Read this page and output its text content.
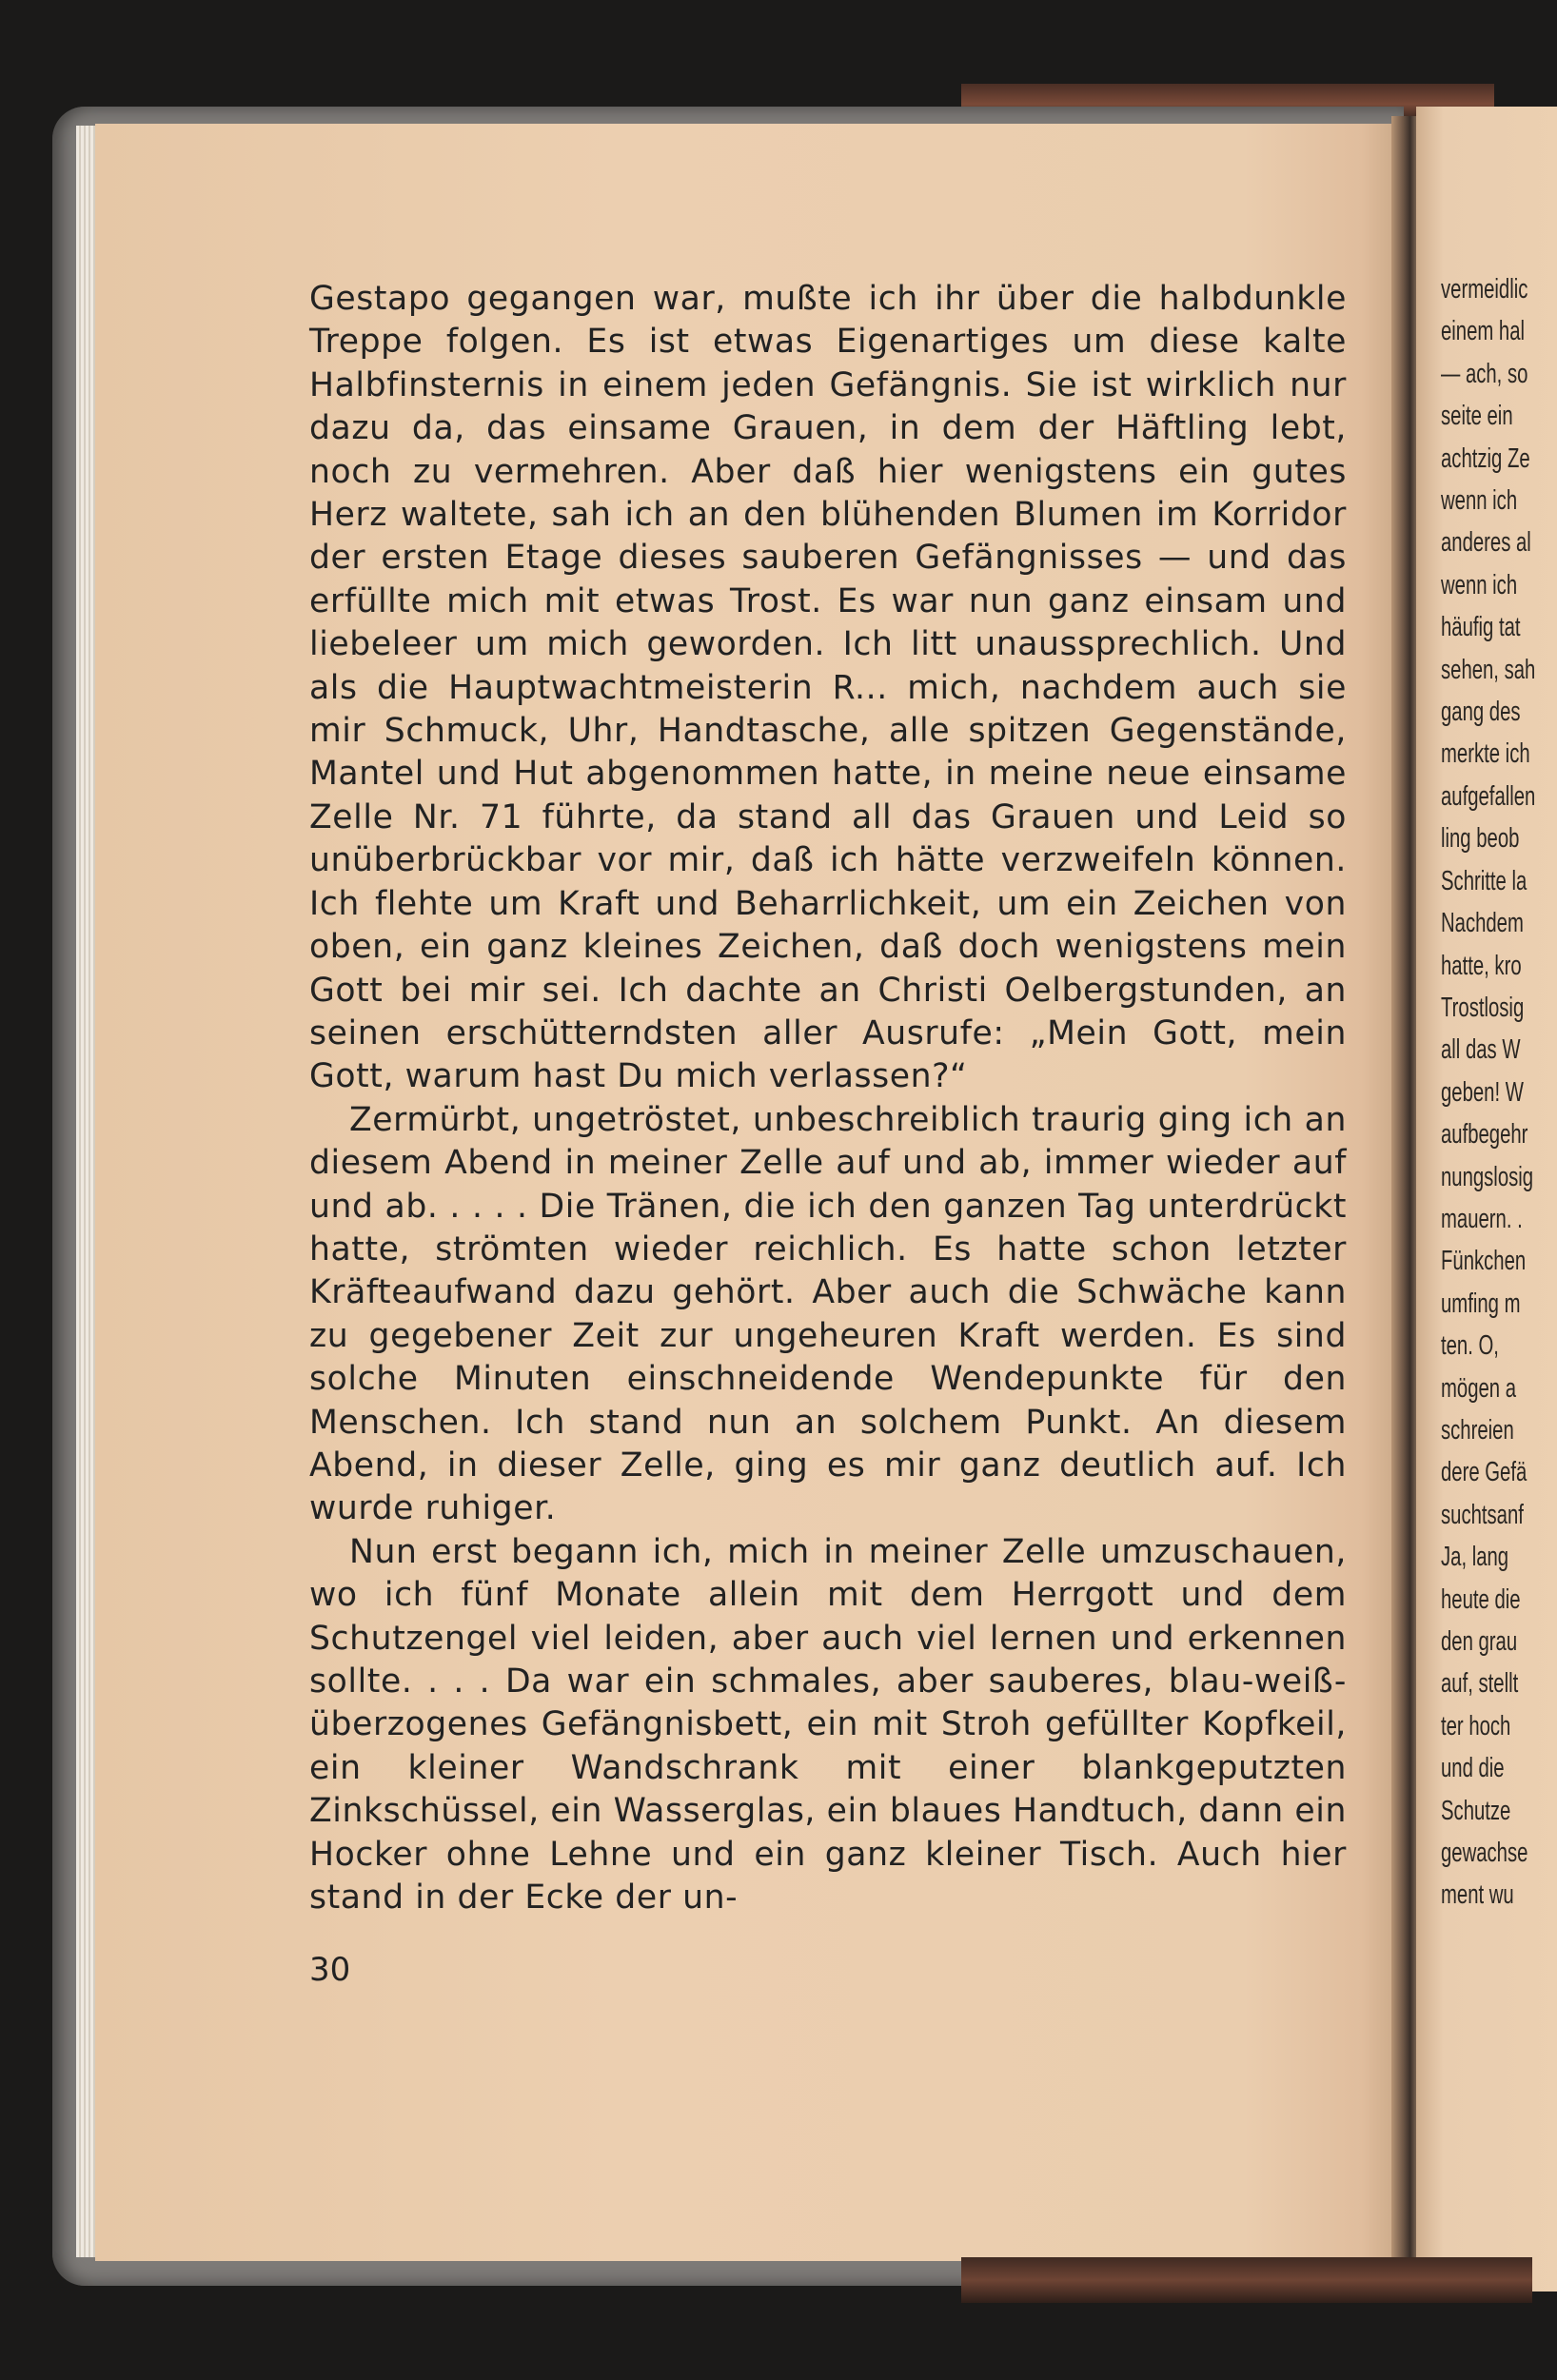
Gestapo gegangen war, mußte ich ihr über die halbdunkle Treppe folgen. Es ist etwas Eigenartiges um diese kalte Halbfinsternis in einem jeden Gefängnis. Sie ist wirklich nur dazu da, das einsame Grauen, in dem der Häftling lebt, noch zu vermehren. Aber daß hier wenigstens ein gutes Herz waltete, sah ich an den blühenden Blumen im Korridor der ersten Etage dieses sauberen Gefängnisses — und das erfüllte mich mit etwas Trost. Es war nun ganz einsam und liebeleer um mich geworden. Ich litt unaussprechlich. Und als die Hauptwachtmeisterin R... mich, nachdem auch sie mir Schmuck, Uhr, Handtasche, alle spitzen Gegenstände, Mantel und Hut abgenommen hatte, in meine neue einsame Zelle Nr. 71 führte, da stand all das Grauen und Leid so unüberbrückbar vor mir, daß ich hätte verzweifeln können. Ich flehte um Kraft und Beharrlichkeit, um ein Zeichen von oben, ein ganz kleines Zeichen, daß doch wenigstens mein Gott bei mir sei. Ich dachte an Christi Oelbergstunden, an seinen erschütterndsten aller Ausrufe: „Mein Gott, mein Gott, warum hast Du mich verlassen?“

Zermürbt, ungetröstet, unbeschreiblich traurig ging ich an diesem Abend in meiner Zelle auf und ab, immer wieder auf und ab. . . . . Die Tränen, die ich den ganzen Tag unterdrückt hatte, strömten wieder reichlich. Es hatte schon letzter Kräfteaufwand dazu gehört. Aber auch die Schwäche kann zu gegebener Zeit zur ungeheuren Kraft werden. Es sind solche Minuten einschneidende Wendepunkte für den Menschen. Ich stand nun an solchem Punkt. An diesem Abend, in dieser Zelle, ging es mir ganz deutlich auf. Ich wurde ruhiger.

Nun erst begann ich, mich in meiner Zelle umzuschauen, wo ich fünf Monate allein mit dem Herrgott und dem Schutzengel viel leiden, aber auch viel lernen und erkennen sollte. . . . Da war ein schmales, aber sauberes, blau-weiß-überzogenes Gefängnisbett, ein mit Stroh gefüllter Kopfkeil, ein kleiner Wandschrank mit einer blankgeputzten Zinkschüssel, ein Wasserglas, ein blaues Handtuch, dann ein Hocker ohne Lehne und ein ganz kleiner Tisch. Auch hier stand in der Ecke der un-

30
vermeidlic
einem hal
— ach, so
seite ein
achtzig Ze
wenn ich
anderes al
wenn ich
häufig tat
sehen, sah
gang des
merkte ich
aufgefallen
ling beob
Schritte la
Nachdem
hatte, kro
Trostlosig
all das W
geben! W
aufbegehr
nungslosig
mauern. .
Fünkchen
umfing m
ten. O,
mögen a
schreien
dere Gefä
suchtsanf
Ja, lang
heute die
den grau
auf, stellt
ter hoch
und die
Schutze
gewachse
ment wu
